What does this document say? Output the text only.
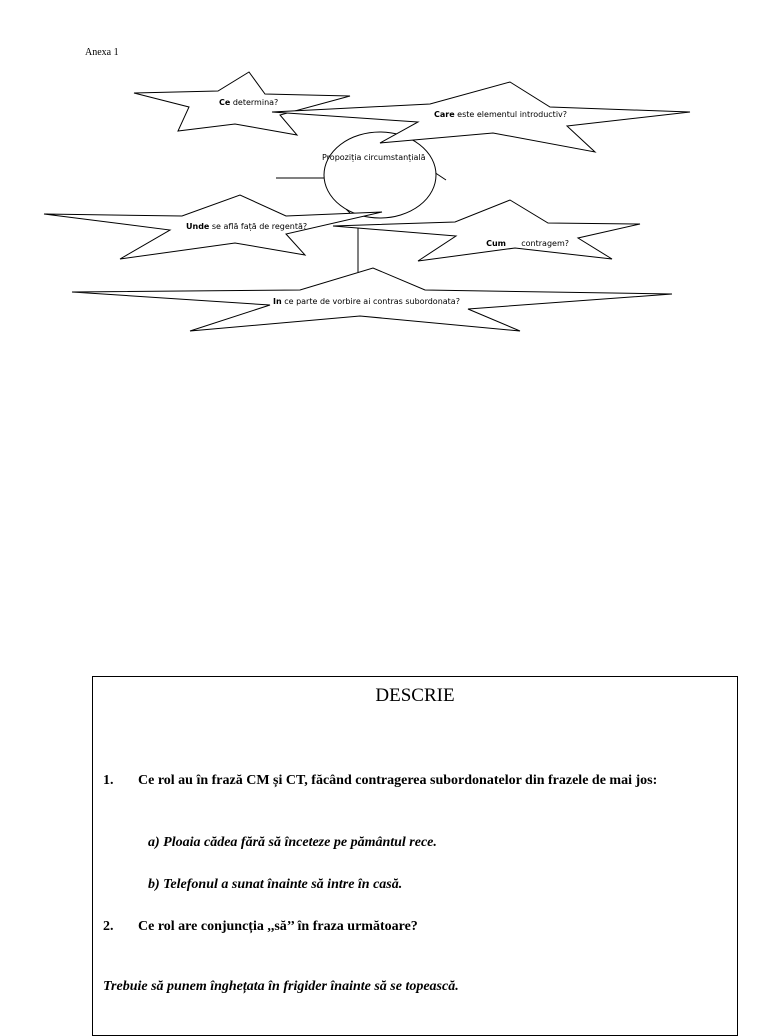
Anexa 1
Propoziția circumstanțială
Ce determina?
Care este elementul introductiv?
Unde se află față de regentă?

Cum      contragem?

In ce parte de vorbire ai contras subordonata?
DESCRIE
1.	Ce rol au în frază CM și CT, făcând contragerea subordonatelor din frazele de mai jos:
a) Ploaia cădea fără să înceteze pe pământul rece.
b) Telefonul a sunat înainte să intre în casă.
2.	Ce rol are conjuncția ,,să’’ în fraza următoare?
Trebuie să punem înghețata în frigider înainte să se topească.
